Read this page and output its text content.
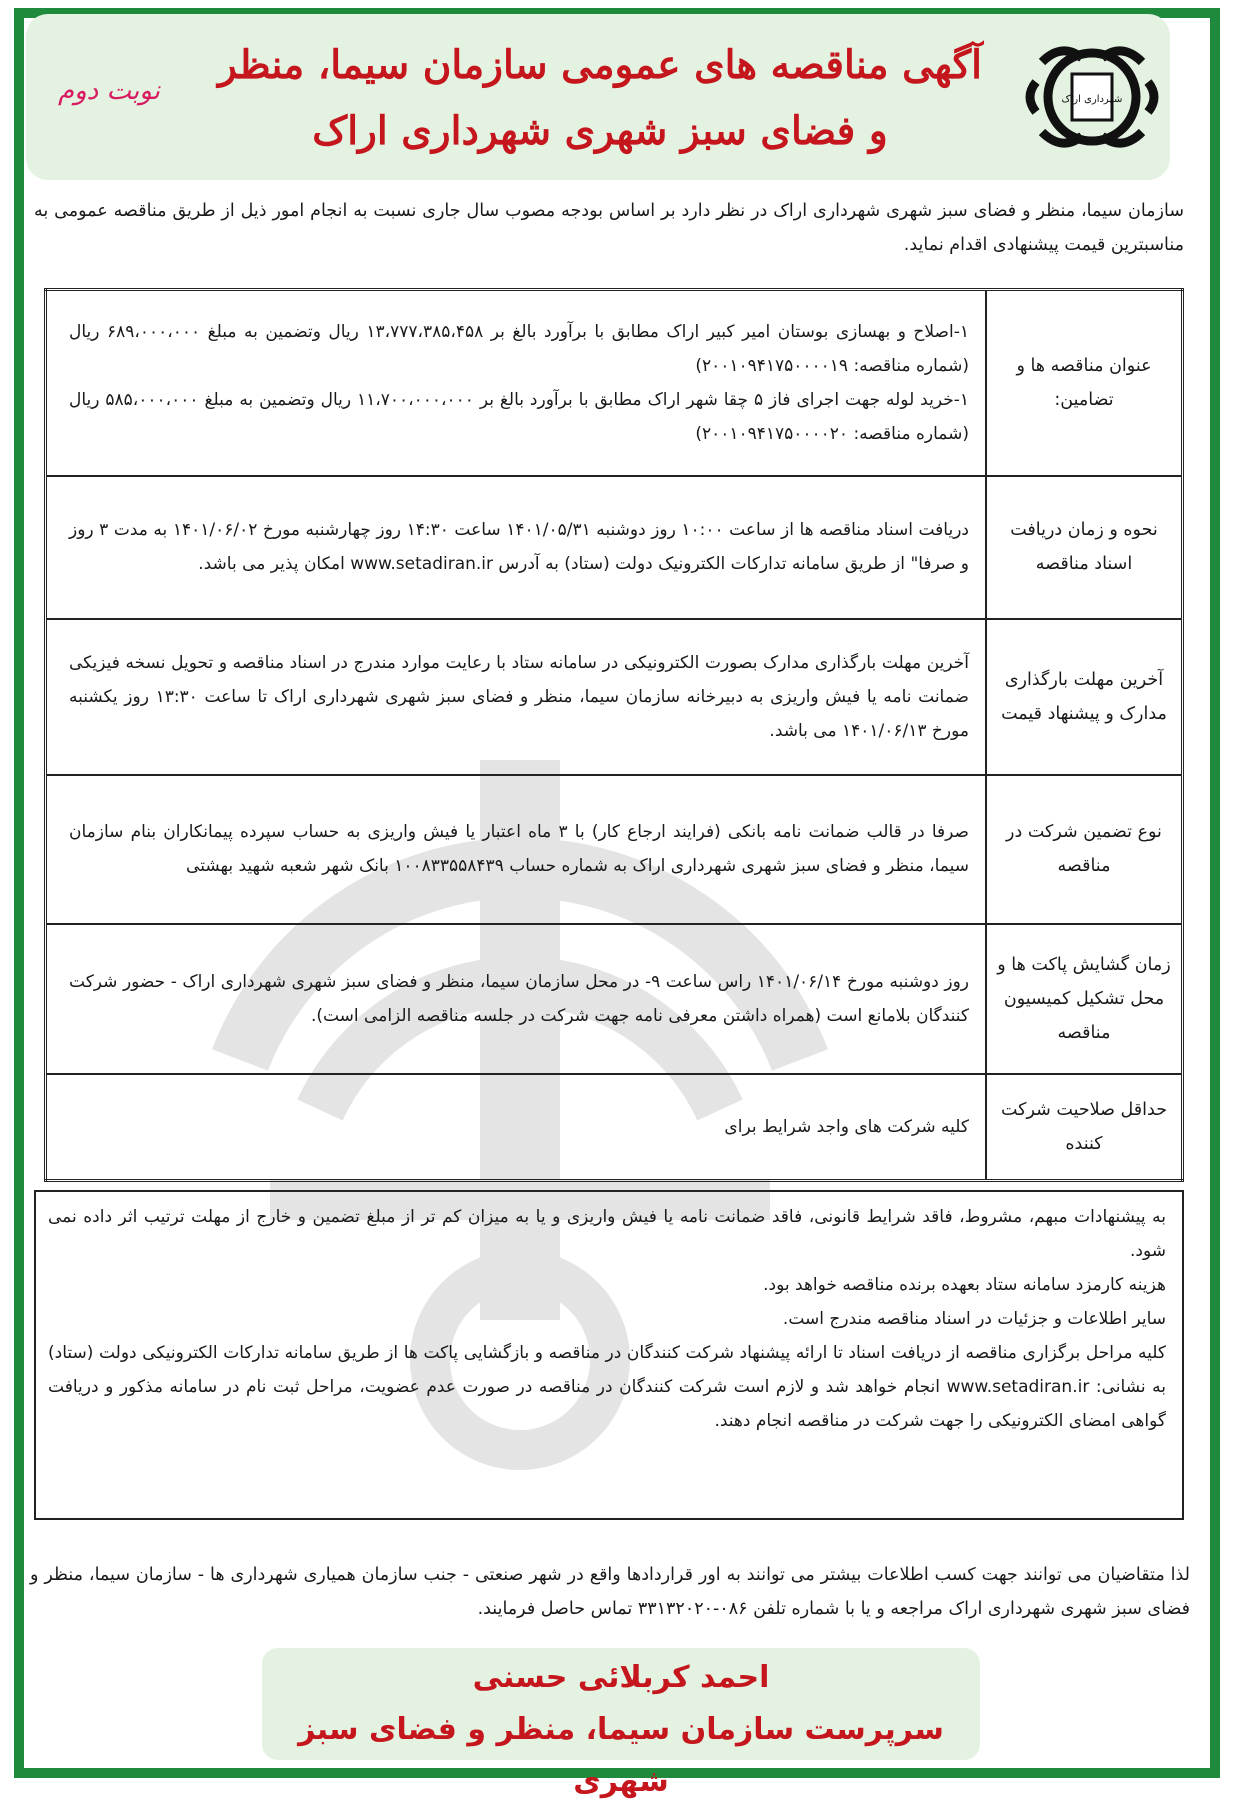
شهرداری اراک
آگهی مناقصه های عمومی سازمان سیما، منظر
و فضای سبز شهری شهرداری اراک
نوبت دوم
سازمان سیما، منظر و فضای سبز شهری شهرداری اراک در نظر دارد بر اساس بودجه مصوب سال جاری نسبت به انجام امور ذیل از طریق مناقصه عمومی به مناسبترین قیمت پیشنهادی اقدام نماید.
عنوان مناقصه ها و تضامین:	۱-اصلاح و بهسازی بوستان امیر کبیر اراک مطابق با برآورد بالغ بر ۱۳،۷۷۷،۳۸۵،۴۵۸ ریال وتضمین به مبلغ ۶۸۹،۰۰۰،۰۰۰ ریال (شماره مناقصه: ۲۰۰۱۰۹۴۱۷۵۰۰۰۰۱۹)
۱-خرید لوله جهت اجرای فاز ۵ چقا شهر اراک مطابق با برآورد بالغ بر ۱۱،۷۰۰،۰۰۰،۰۰۰ ریال وتضمین به مبلغ ۵۸۵،۰۰۰،۰۰۰ ریال (شماره مناقصه: ۲۰۰۱۰۹۴۱۷۵۰۰۰۰۲۰)

نحوه و زمان دریافت اسناد مناقصه	دریافت اسناد مناقصه ها از ساعت ۱۰:۰۰ روز دوشنبه ۱۴۰۱/۰۵/۳۱ ساعت ۱۴:۳۰ روز چهارشنبه مورخ ۱۴۰۱/۰۶/۰۲ به مدت ۳ روز و صرفا" از طریق سامانه تدارکات الکترونیک دولت (ستاد) به آدرس www.setadiran.ir امکان پذیر می باشد.
آخرین مهلت بارگذاری مدارک و پیشنهاد قیمت	آخرین مهلت بارگذاری مدارک بصورت الکترونیکی در سامانه ستاد با رعایت موارد مندرج در اسناد مناقصه و تحویل نسخه فیزیکی ضمانت نامه یا فیش واریزی به دبیرخانه سازمان سیما، منظر و فضای سبز شهری شهرداری اراک تا ساعت ۱۳:۳۰ روز یکشنبه مورخ ۱۴۰۱/۰۶/۱۳ می باشد.
نوع تضمین شرکت در مناقصه	صرفا در قالب ضمانت نامه بانکی (فرایند ارجاع کار) با ۳ ماه اعتبار یا فیش واریزی به حساب سپرده پیمانکاران بنام سازمان سیما، منظر و فضای سبز شهری شهرداری اراک به شماره حساب ۱۰۰۸۳۳۵۵۸۴۳۹ بانک شهر شعبه شهید بهشتی
زمان گشایش پاکت ها و محل تشکیل کمیسیون مناقصه	روز دوشنبه مورخ ۱۴۰۱/۰۶/۱۴ راس ساعت ۹- در محل سازمان سیما، منظر و فضای سبز شهری شهرداری اراک - حضور شرکت کنندگان بلامانع است (همراه داشتن معرفی نامه جهت شرکت در جلسه مناقصه الزامی است).
حداقل صلاحیت شرکت کننده	کلیه شرکت های واجد شرایط برای

به پیشنهادات مبهم، مشروط، فاقد شرایط قانونی، فاقد ضمانت نامه یا فیش واریزی و یا به میزان کم تر از مبلغ تضمین و خارج از مهلت ترتیب اثر داده نمی شود.

هزینه کارمزد سامانه ستاد بعهده برنده مناقصه خواهد بود.

سایر اطلاعات و جزئیات در اسناد مناقصه مندرج است.

کلیه مراحل برگزاری مناقصه از دریافت اسناد تا ارائه پیشنهاد شرکت کنندگان در مناقصه و بازگشایی پاکت ها از طریق سامانه تدارکات الکترونیکی دولت (ستاد) به نشانی: www.setadiran.ir انجام خواهد شد و لازم است شرکت کنندگان در مناقصه در صورت عدم عضویت، مراحل ثبت نام در سامانه مذکور و دریافت گواهی امضای الکترونیکی را جهت شرکت در مناقصه انجام دهند.

لذا متقاضیان می توانند جهت کسب اطلاعات بیشتر می توانند به اور قراردادها واقع در شهر صنعتی - جنب سازمان همیاری شهرداری ها - سازمان سیما، منظر و فضای سبز شهری شهرداری اراک مراجعه و یا با شماره تلفن ۰۸۶-۳۳۱۳۲۰۲۰ تماس حاصل فرمایند.
احمد کربلائی حسنی
سرپرست سازمان سیما، منظر و فضای سبز شهری
